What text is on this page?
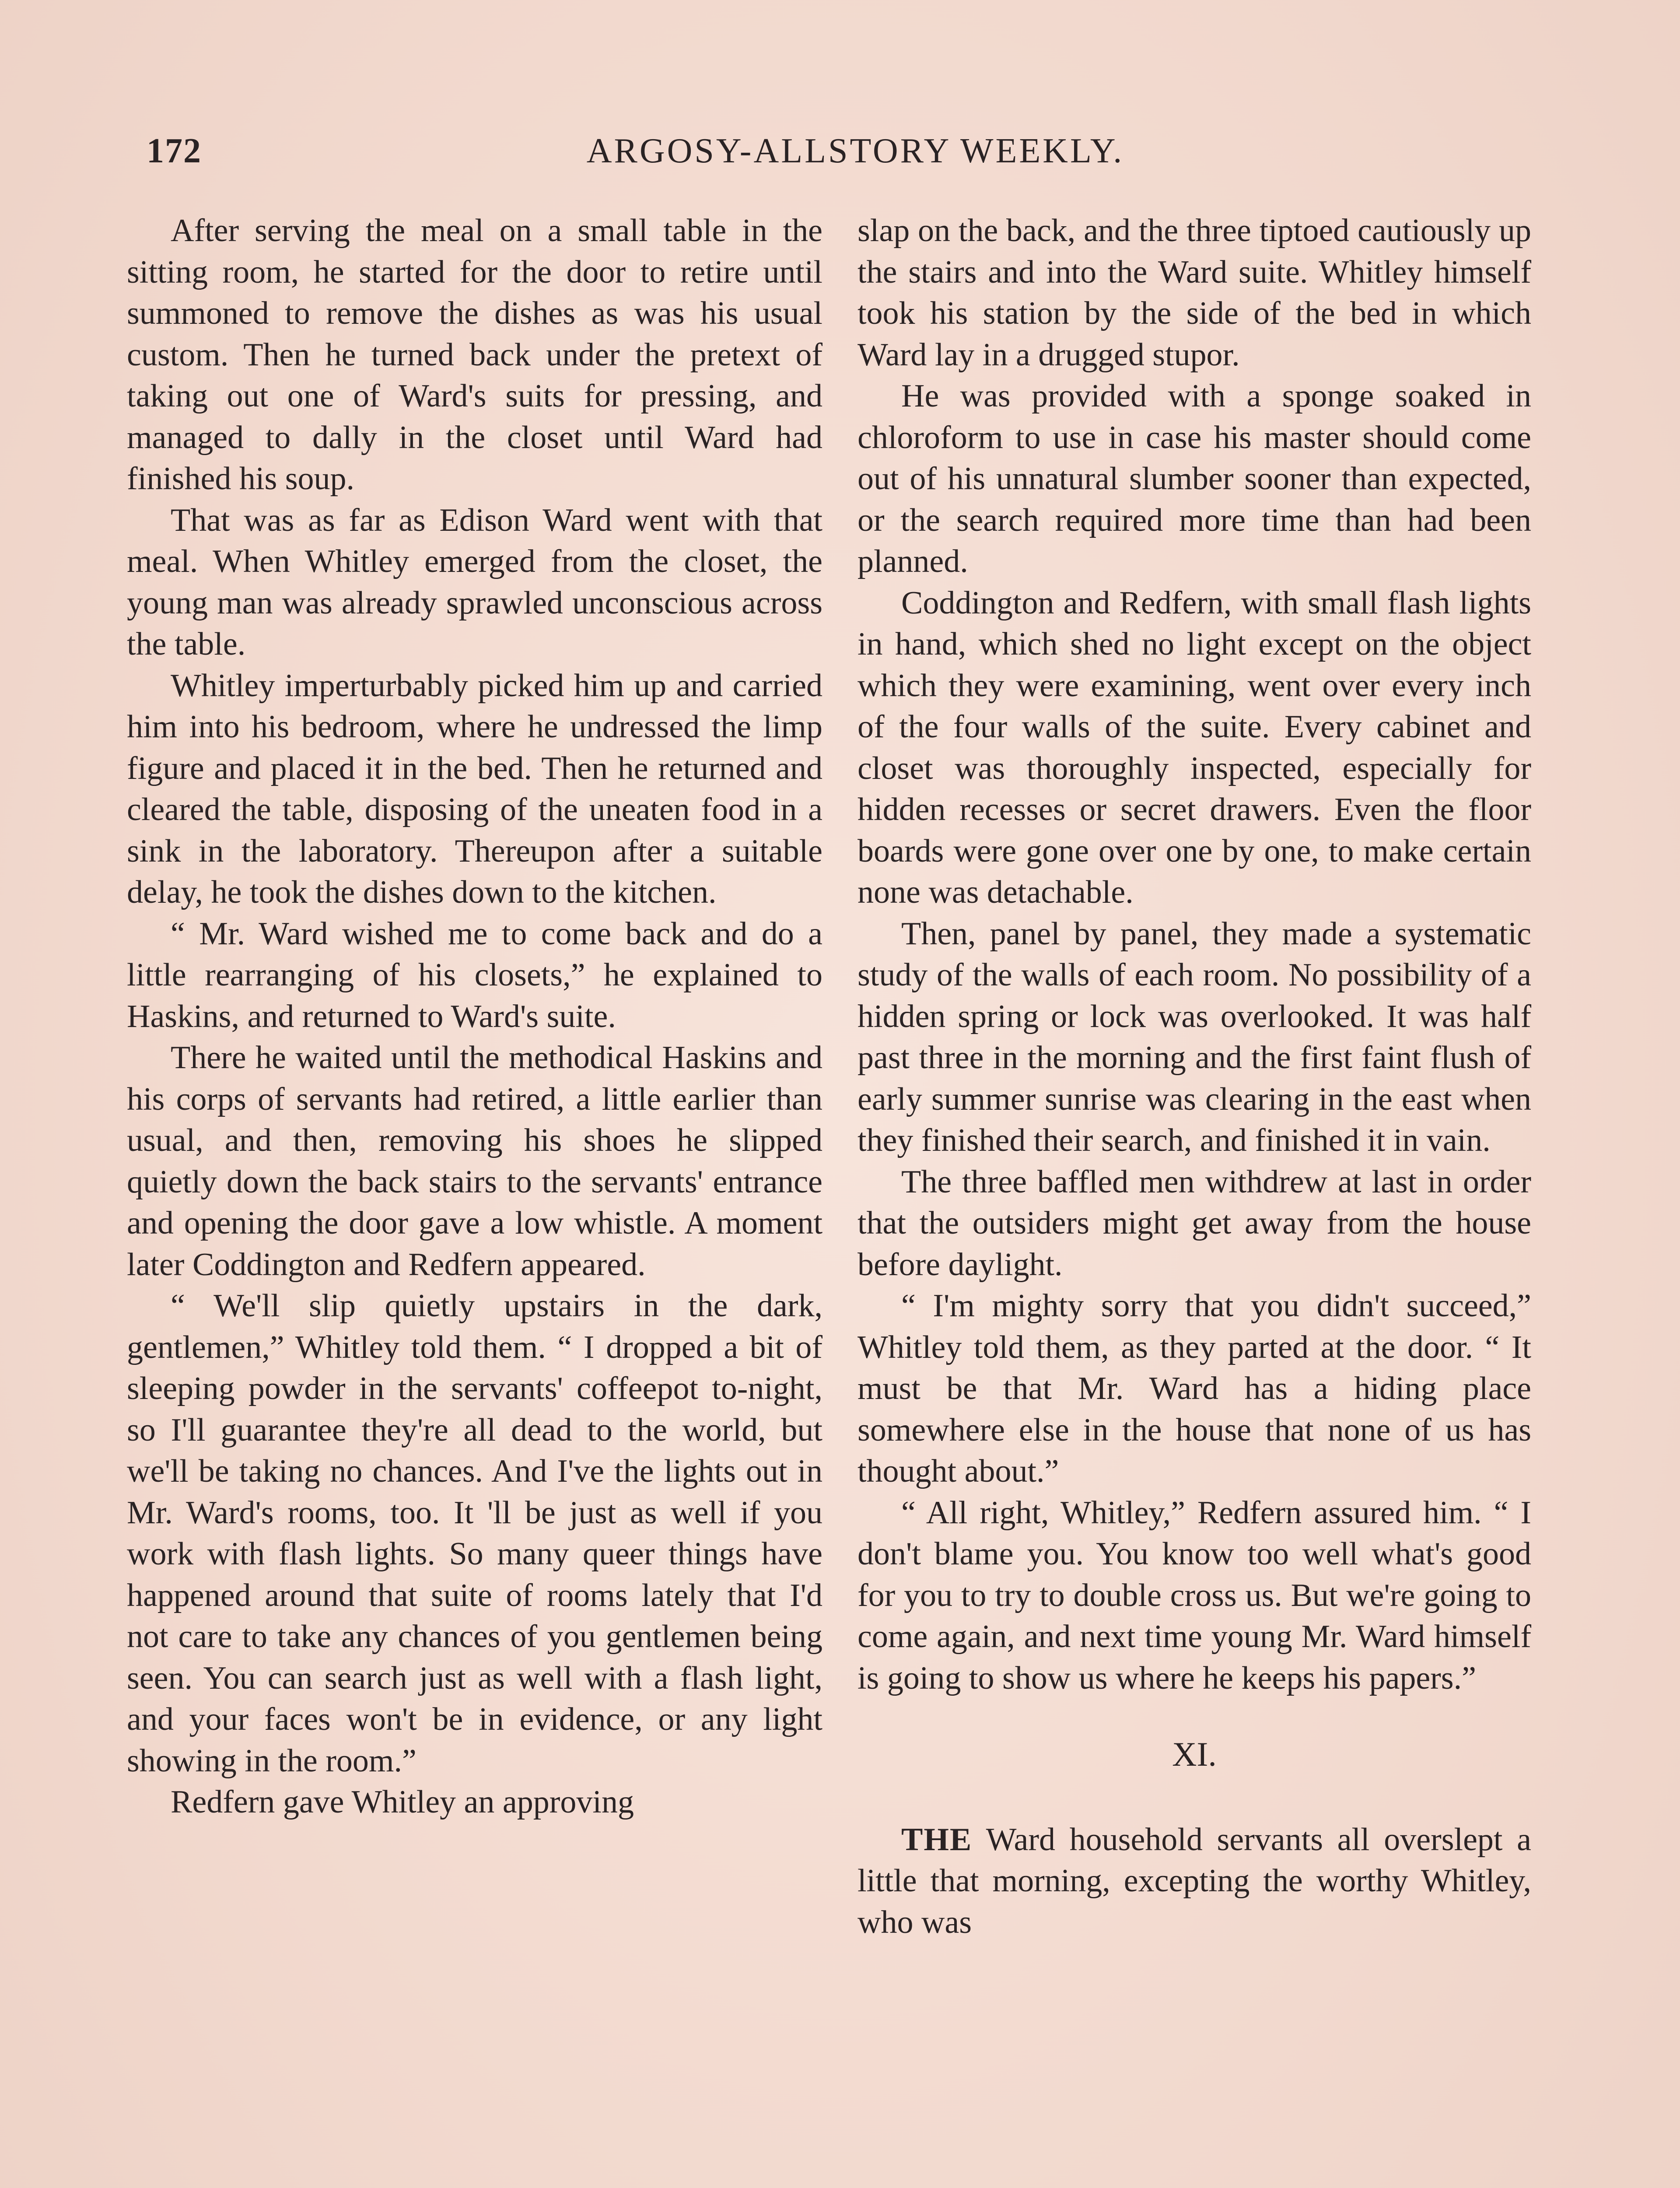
172	ARGOSY-ALLSTORY WEEKLY.

After serving the meal on a small table in the sitting room, he started for the door to retire until summoned to remove the dishes as was his usual custom. Then he turned back under the pretext of taking out one of Ward's suits for pressing, and managed to dally in the closet until Ward had finished his soup.

That was as far as Edison Ward went with that meal. When Whitley emerged from the closet, the young man was already sprawled unconscious across the table.

Whitley imperturbably picked him up and carried him into his bedroom, where he undressed the limp figure and placed it in the bed. Then he returned and cleared the table, disposing of the uneaten food in a sink in the laboratory. Thereupon after a suitable delay, he took the dishes down to the kitchen.

“ Mr. Ward wished me to come back and do a little rearranging of his closets,” he explained to Haskins, and returned to Ward's suite.

There he waited until the methodical Haskins and his corps of servants had retired, a little earlier than usual, and then, removing his shoes he slipped quietly down the back stairs to the servants' entrance and opening the door gave a low whistle. A moment later Coddington and Redfern appeared.

“ We'll slip quietly upstairs in the dark, gentlemen,” Whitley told them. “ I dropped a bit of sleeping powder in the servants' coffeepot to-night, so I'll guarantee they're all dead to the world, but we'll be taking no chances. And I've the lights out in Mr. Ward's rooms, too. It 'll be just as well if you work with flash lights. So many queer things have happened around that suite of rooms lately that I'd not care to take any chances of you gentlemen being seen. You can search just as well with a flash light, and your faces won't be in evidence, or any light showing in the room.”

Redfern gave Whitley an approving

slap on the back, and the three tiptoed cautiously up the stairs and into the Ward suite. Whitley himself took his station by the side of the bed in which Ward lay in a drugged stupor.

He was provided with a sponge soaked in chloroform to use in case his master should come out of his unnatural slumber sooner than expected, or the search required more time than had been planned.

Coddington and Redfern, with small flash lights in hand, which shed no light except on the object which they were examining, went over every inch of the four walls of the suite. Every cabinet and closet was thoroughly inspected, especially for hidden recesses or secret drawers. Even the floor boards were gone over one by one, to make certain none was detachable.

Then, panel by panel, they made a systematic study of the walls of each room. No possibility of a hidden spring or lock was overlooked. It was half past three in the morning and the first faint flush of early summer sunrise was clearing in the east when they finished their search, and finished it in vain.

The three baffled men withdrew at last in order that the outsiders might get away from the house before daylight.

“ I'm mighty sorry that you didn't succeed,” Whitley told them, as they parted at the door. “ It must be that Mr. Ward has a hiding place somewhere else in the house that none of us has thought about.”

“ All right, Whitley,” Redfern assured him. “ I don't blame you. You know too well what's good for you to try to double cross us. But we're going to come again, and next time young Mr. Ward himself is going to show us where he keeps his papers.”

XI.

THE Ward household servants all overslept a little that morning, excepting the worthy Whitley, who was
